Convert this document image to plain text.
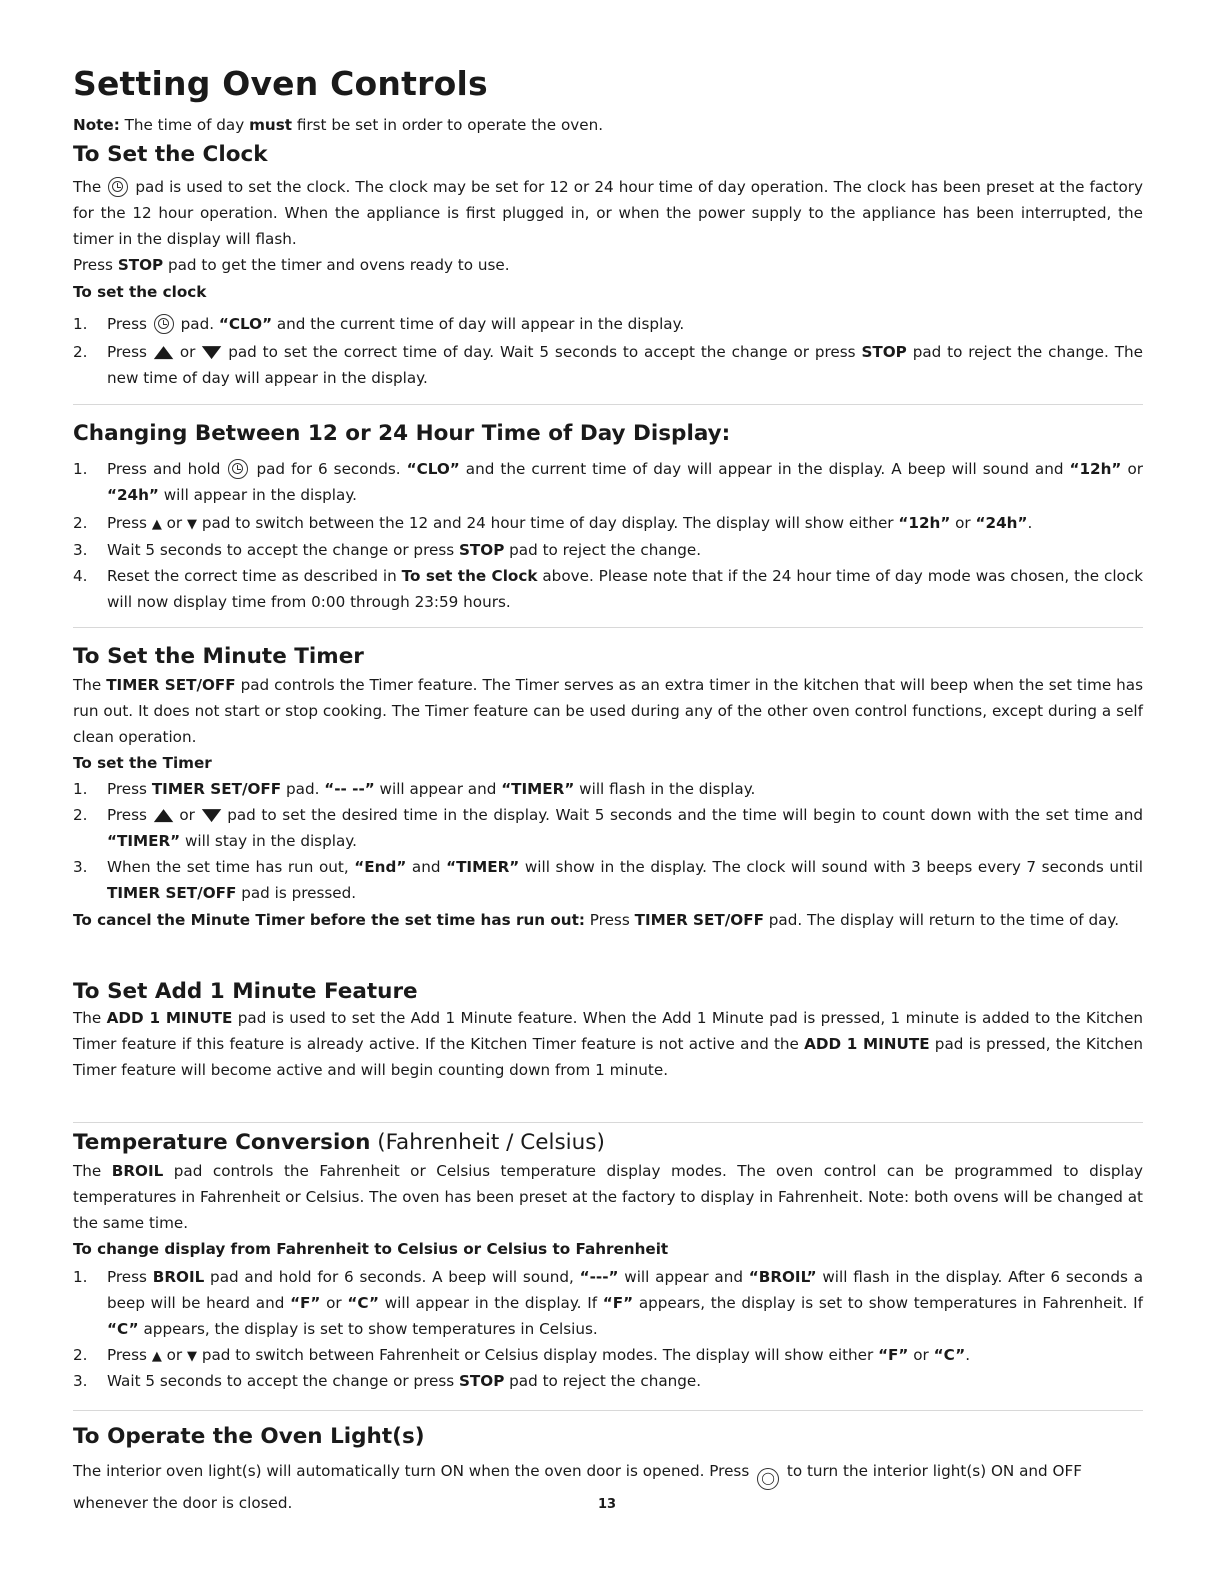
Setting Oven Controls

Note: The time of day must first be set in order to operate the oven.

To Set the Clock

The  pad is used to set the clock. The clock may be set for 12 or 24 hour time of day operation. The clock has been preset at the factory for the 12 hour operation. When the appliance is first plugged in, or when the power supply to the appliance has been interrupted, the timer in the display will flash.

Press STOP pad to get the timer and ovens ready to use.

To set the clock

1.	Press  pad. “CLO” and the current time of day will appear in the display.
2.	Press ▲ or ▼ pad to set the correct time of day. Wait 5 seconds to accept the change or press STOP pad to reject the change. The new time of day will appear in the display.
Changing Between 12 or 24 Hour Time of Day Display:
1.	Press and hold  pad for 6 seconds. “CLO” and the current time of day will appear in the display. A beep will sound and “12h” or “24h” will appear in the display.
2.	Press ▲ or ▼ pad to switch between the 12 and 24 hour time of day display. The display will show either “12h” or “24h”.
3.	Wait 5 seconds to accept the change or press STOP pad to reject the change.
4.	Reset the correct time as described in To set the Clock above. Please note that if the 24 hour time of day mode was chosen, the clock will now display time from 0:00 through 23:59 hours.
To Set the Minute Timer

The TIMER SET/OFF pad controls the Timer feature. The Timer serves as an extra timer in the kitchen that will beep when the set time has run out. It does not start or stop cooking. The Timer feature can be used during any of the other oven control functions, except during a self clean operation.

To set the Timer

1.	Press TIMER SET/OFF pad. “-- --” will appear and “TIMER” will flash in the display.
2.	Press ▲ or ▼ pad to set the desired time in the display. Wait 5 seconds and the time will begin to count down with the set time and “TIMER” will stay in the display.
3.	When the set time has run out, “End” and “TIMER” will show in the display. The clock will sound with 3 beeps every 7 seconds until TIMER SET/OFF pad is pressed.

To cancel the Minute Timer before the set time has run out: Press TIMER SET/OFF pad. The display will return to the time of day.

To Set Add 1 Minute Feature

The ADD 1 MINUTE pad is used to set the Add 1 Minute feature. When the Add 1 Minute pad is pressed, 1 minute is added to the Kitchen Timer feature if this feature is already active. If the Kitchen Timer feature is not active and the ADD 1 MINUTE pad is pressed, the Kitchen Timer feature will become active and will begin counting down from 1 minute.

Temperature Conversion (Fahrenheit / Celsius)

The BROIL pad controls the Fahrenheit or Celsius temperature display modes. The oven control can be programmed to display temperatures in Fahrenheit or Celsius. The oven has been preset at the factory to display in Fahrenheit. Note: both ovens will be changed at the same time.

To change display from Fahrenheit to Celsius or Celsius to Fahrenheit

1.	Press BROIL pad and hold for 6 seconds. A beep will sound, “---” will appear and “BROIL” will flash in the display. After 6 seconds a beep will be heard and “F” or “C” will appear in the display. If “F” appears, the display is set to show temperatures in Fahrenheit. If “C” appears, the display is set to show temperatures in Celsius.
2.	Press ▲ or ▼ pad to switch between Fahrenheit or Celsius display modes. The display will show either “F” or “C”.
3.	Wait 5 seconds to accept the change or press STOP pad to reject the change.
To Operate the Oven Light(s)

The interior oven light(s) will automatically turn ON when the oven door is opened. Press ◯ to turn the interior light(s) ON and OFF whenever the door is closed.	13
